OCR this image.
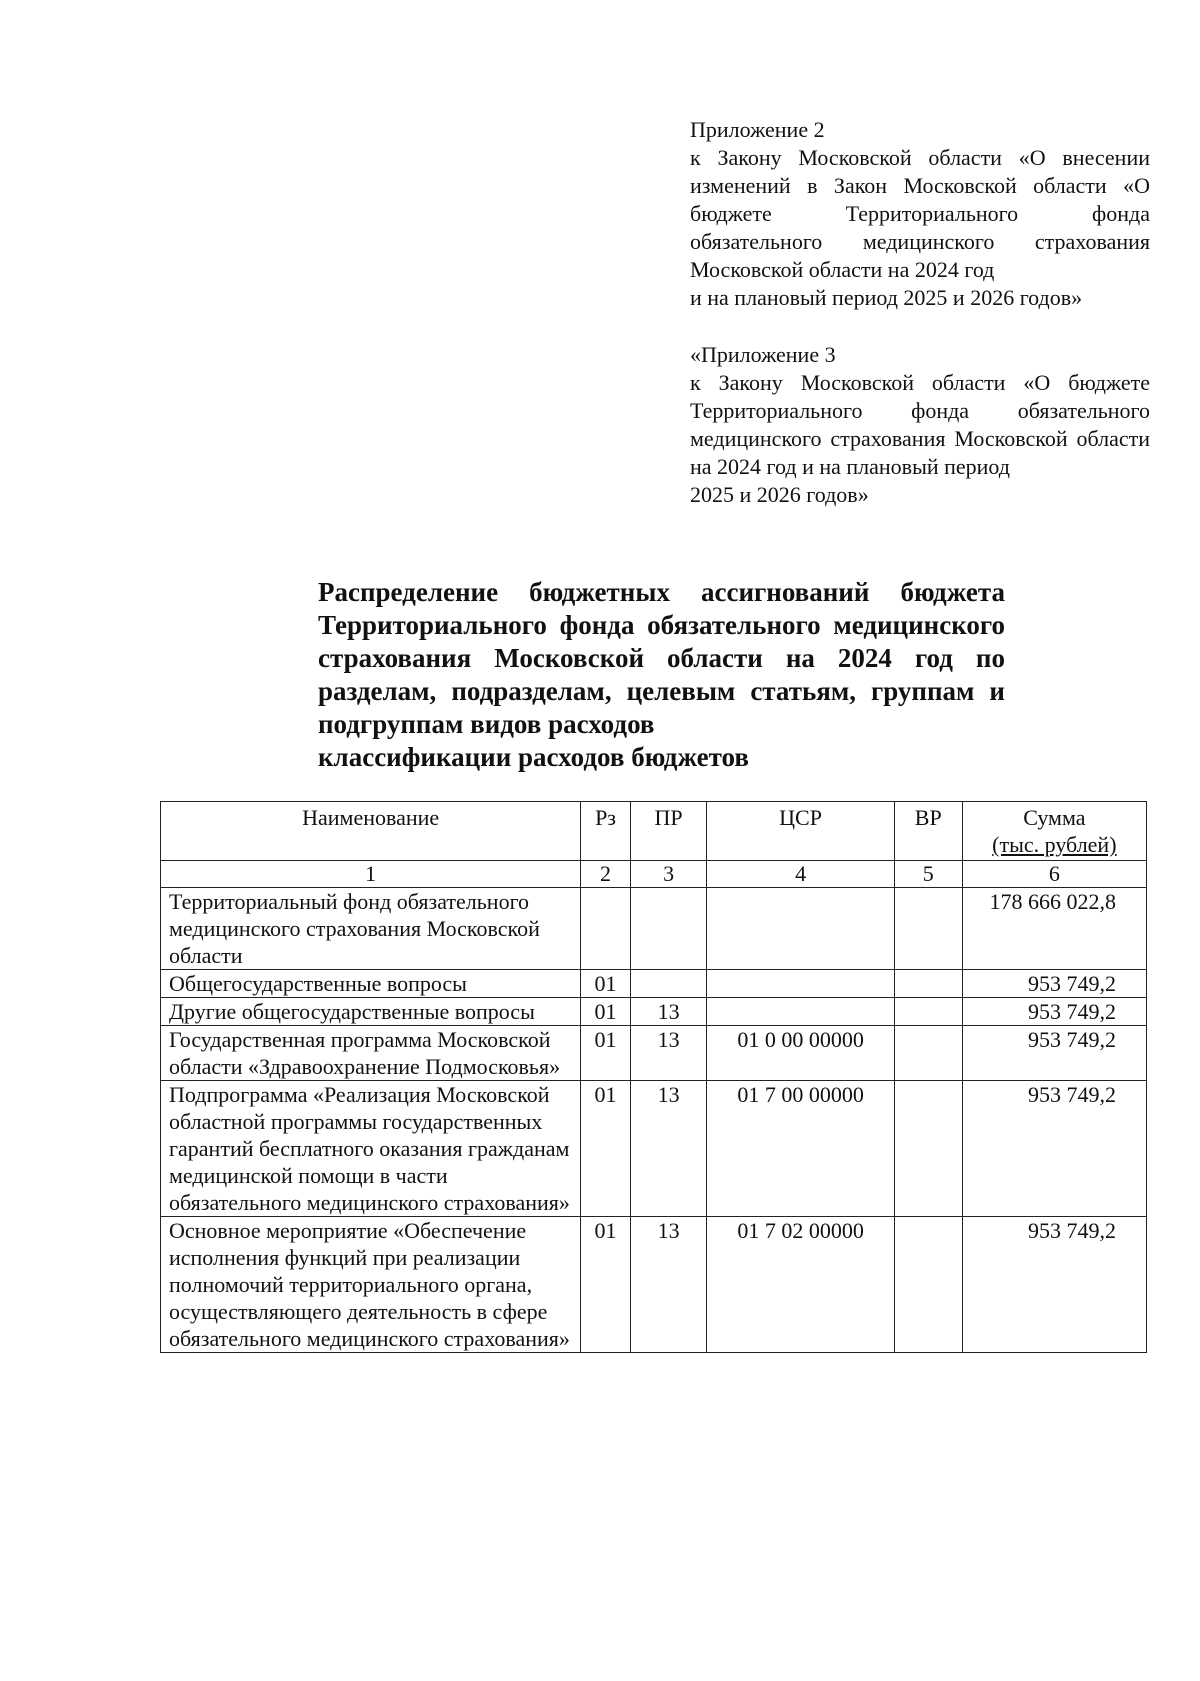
Приложение 2

к Закону Московской области «О внесении изменений в Закон Московской области «О бюджете Территориального фонда обязательного медицинского страхования Московской области на 2024 год

и на плановый период 2025 и 2026 годов»

«Приложение 3

к Закону Московской области «О бюджете Территориального фонда обязательного медицинского страхования Московской области на 2024 год и на плановый период

2025 и 2026 годов»

Распределение бюджетных ассигнований бюджета Территориального фонда обязательного медицинского страхования Московской области на 2024 год по разделам, подразделам, целевым статьям, группам и подгруппам видов расходов
классификации расходов бюджетов
Наименование	Рз	ПР	ЦСР	ВР	Сумма
(тыс. рублей)

1	2	3	4	5	6
Территориальный фонд обязательного медицинского страхования Московской области					178 666 022,8
Общегосударственные вопросы	01				953 749,2
Другие общегосударственные вопросы	01	13			953 749,2
Государственная программа Московской области «Здравоохранение Подмосковья»	01	13	01 0 00 00000		953 749,2
Подпрограмма «Реализация Московской областной программы государственных гарантий бесплатного оказания гражданам медицинской помощи в части обязательного медицинского страхования»	01	13	01 7 00 00000		953 749,2
Основное мероприятие «Обеспечение исполнения функций при реализации полномочий территориального органа, осуществляющего деятельность в сфере обязательного медицинского страхования»	01	13	01 7 02 00000		953 749,2
